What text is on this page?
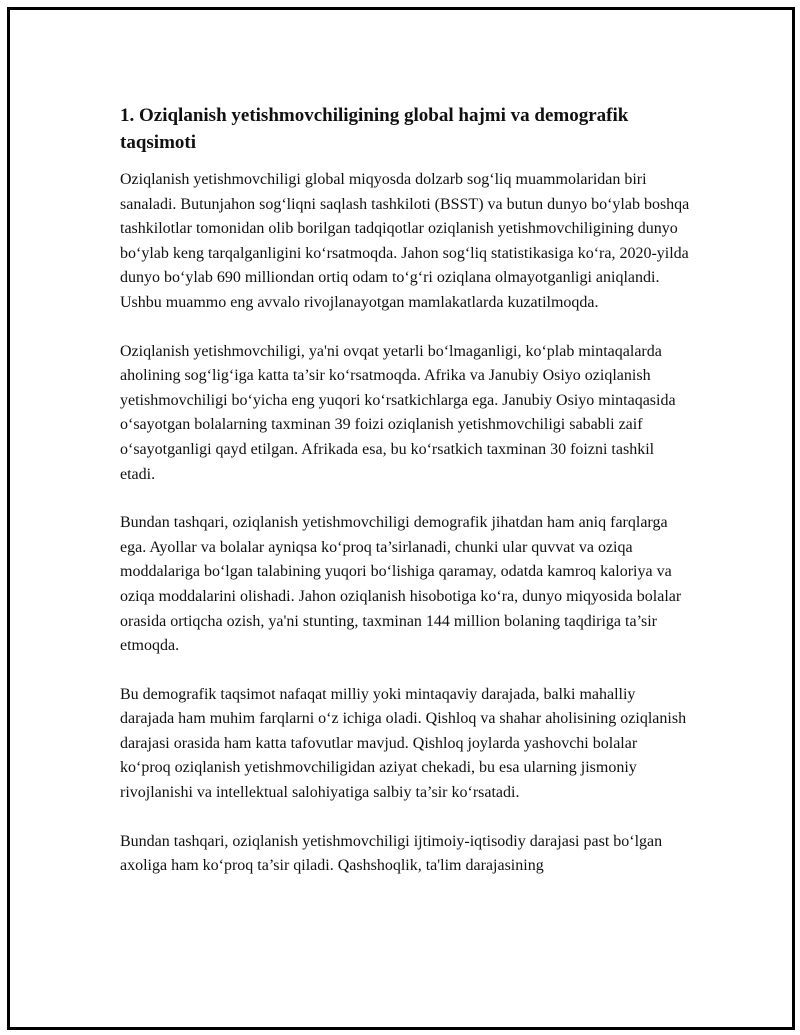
1. Oziqlanish yetishmovchiligining global hajmi va demografik taqsimoti

Oziqlanish yetishmovchiligi global miqyosda dolzarb sog‘liq muammolaridan biri sanaladi. Butunjahon sog‘liqni saqlash tashkiloti (BSST) va butun dunyo bo‘ylab boshqa tashkilotlar tomonidan olib borilgan tadqiqotlar oziqlanish yetishmovchiligining dunyo bo‘ylab keng tarqalganligini ko‘rsatmoqda. Jahon sog‘liq statistikasiga ko‘ra, 2020-yilda dunyo bo‘ylab 690 milliondan ortiq odam to‘g‘ri oziqlana olmayotganligi aniqlandi. Ushbu muammo eng avvalo rivojlanayotgan mamlakatlarda kuzatilmoqda.

Oziqlanish yetishmovchiligi, ya'ni ovqat yetarli bo‘lmaganligi, ko‘plab mintaqalarda aholining sog‘lig‘iga katta ta’sir ko‘rsatmoqda. Afrika va Janubiy Osiyo oziqlanish yetishmovchiligi bo‘yicha eng yuqori ko‘rsatkichlarga ega. Janubiy Osiyo mintaqasida o‘sayotgan bolalarning taxminan 39 foizi oziqlanish yetishmovchiligi sababli zaif o‘sayotganligi qayd etilgan. Afrikada esa, bu ko‘rsatkich taxminan 30 foizni tashkil etadi.

Bundan tashqari, oziqlanish yetishmovchiligi demografik jihatdan ham aniq farqlarga ega. Ayollar va bolalar ayniqsa ko‘proq ta’sirlanadi, chunki ular quvvat va oziqa moddalariga bo‘lgan talabining yuqori bo‘lishiga qaramay, odatda kamroq kaloriya va oziqa moddalarini olishadi. Jahon oziqlanish hisobotiga ko‘ra, dunyo miqyosida bolalar orasida ortiqcha ozish, ya'ni stunting, taxminan 144 million bolaning taqdiriga ta’sir etmoqda.

Bu demografik taqsimot nafaqat milliy yoki mintaqaviy darajada, balki mahalliy darajada ham muhim farqlarni o‘z ichiga oladi. Qishloq va shahar aholisining oziqlanish darajasi orasida ham katta tafovutlar mavjud. Qishloq joylarda yashovchi bolalar ko‘proq oziqlanish yetishmovchiligidan aziyat chekadi, bu esa ularning jismoniy rivojlanishi va intellektual salohiyatiga salbiy ta’sir ko‘rsatadi.

Bundan tashqari, oziqlanish yetishmovchiligi ijtimoiy-iqtisodiy darajasi past bo‘lgan axoliga ham ko‘proq ta’sir qiladi. Qashshoqlik, ta'lim darajasining
